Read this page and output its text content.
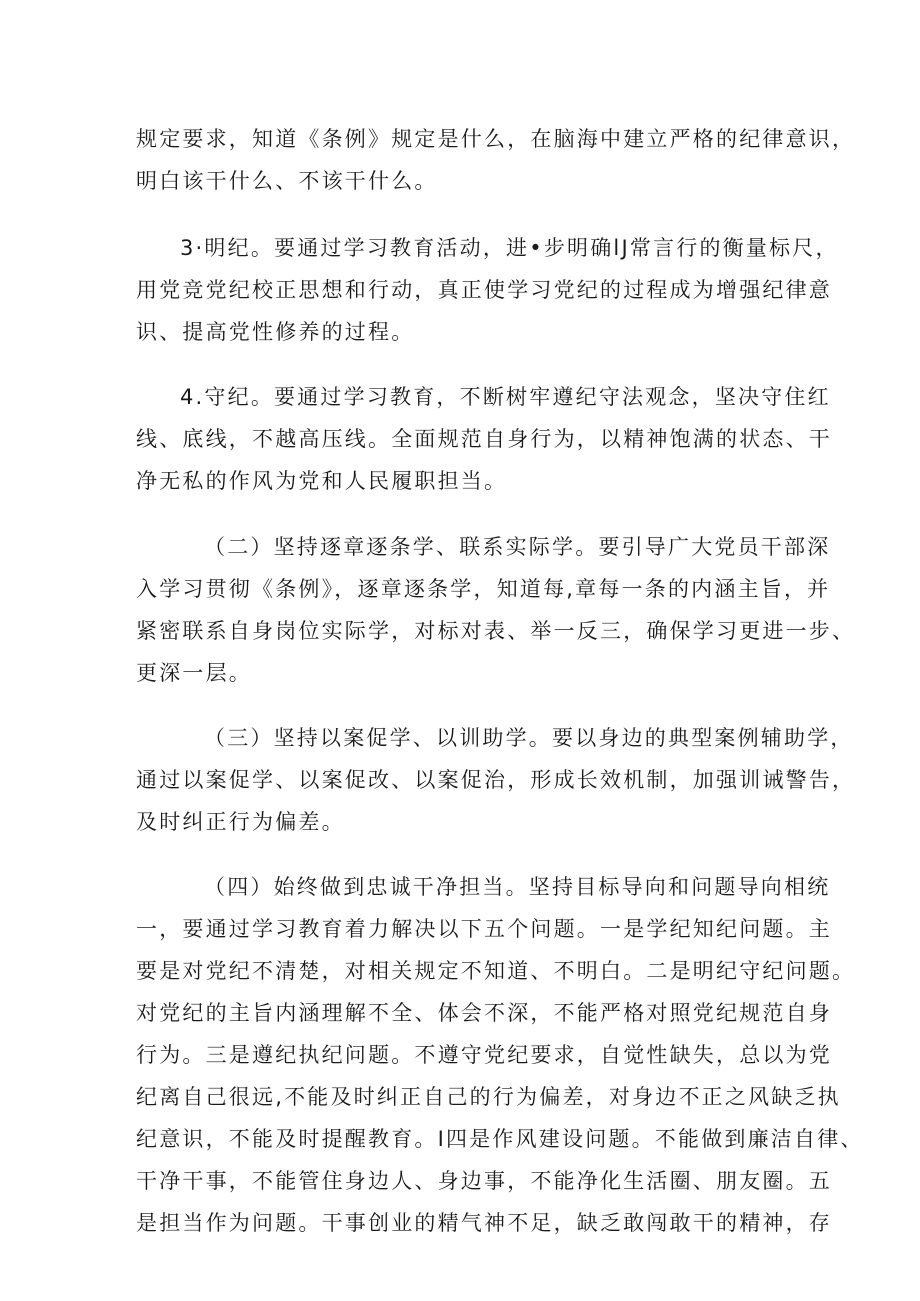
规定要求，知道《条例》规定是什么，在脑海中建立严格的纪律意识，
明白该干什么、不该干什么。
3·明纪。要通过学习教育活动，进•步明确lJ常言行的衡量标尺，
用党竞党纪校正思想和行动，真正使学习党纪的过程成为增强纪律意
识、提高党性修养的过程。
4.守纪。要通过学习教育，不断树牢遵纪守法观念，坚决守住红
线、底线，不越高压线。全面规范自身行为，以精神饱满的状态、干
净无私的作风为党和人民履职担当。
（二）坚持逐章逐条学、联系实际学。要引导广大党员干部深
入学习贯彻《条例》，逐章逐条学，知道每,章每一条的内涵主旨，并
紧密联系自身岗位实际学，对标对表、举一反三，确保学习更进一步、
更深一层。
（三）坚持以案促学、以训助学。要以身边的典型案例辅助学，
通过以案促学、以案促改、以案促治，形成长效机制，加强训诫警告，
及时纠正行为偏差。
（四）始终做到忠诚干净担当。坚持目标导向和问题导向相统
一，要通过学习教育着力解决以下五个问题。一是学纪知纪问题。主
要是对党纪不清楚，对相关规定不知道、不明白。二是明纪守纪问题。
对党纪的主旨内涵理解不全、体会不深，不能严格对照党纪规范自身
行为。三是遵纪执纪问题。不遵守党纪要求，自觉性缺失，总以为党
纪离自己很远,不能及时纠正自己的行为偏差，对身边不正之风缺乏执
纪意识，不能及时提醒教育。I四是作风建设问题。不能做到廉洁自律、
干净干事，不能管住身边人、身边事，不能净化生活圈、朋友圈。五
是担当作为问题。干事创业的精气神不足，缺乏敢闯敢干的精神，存
